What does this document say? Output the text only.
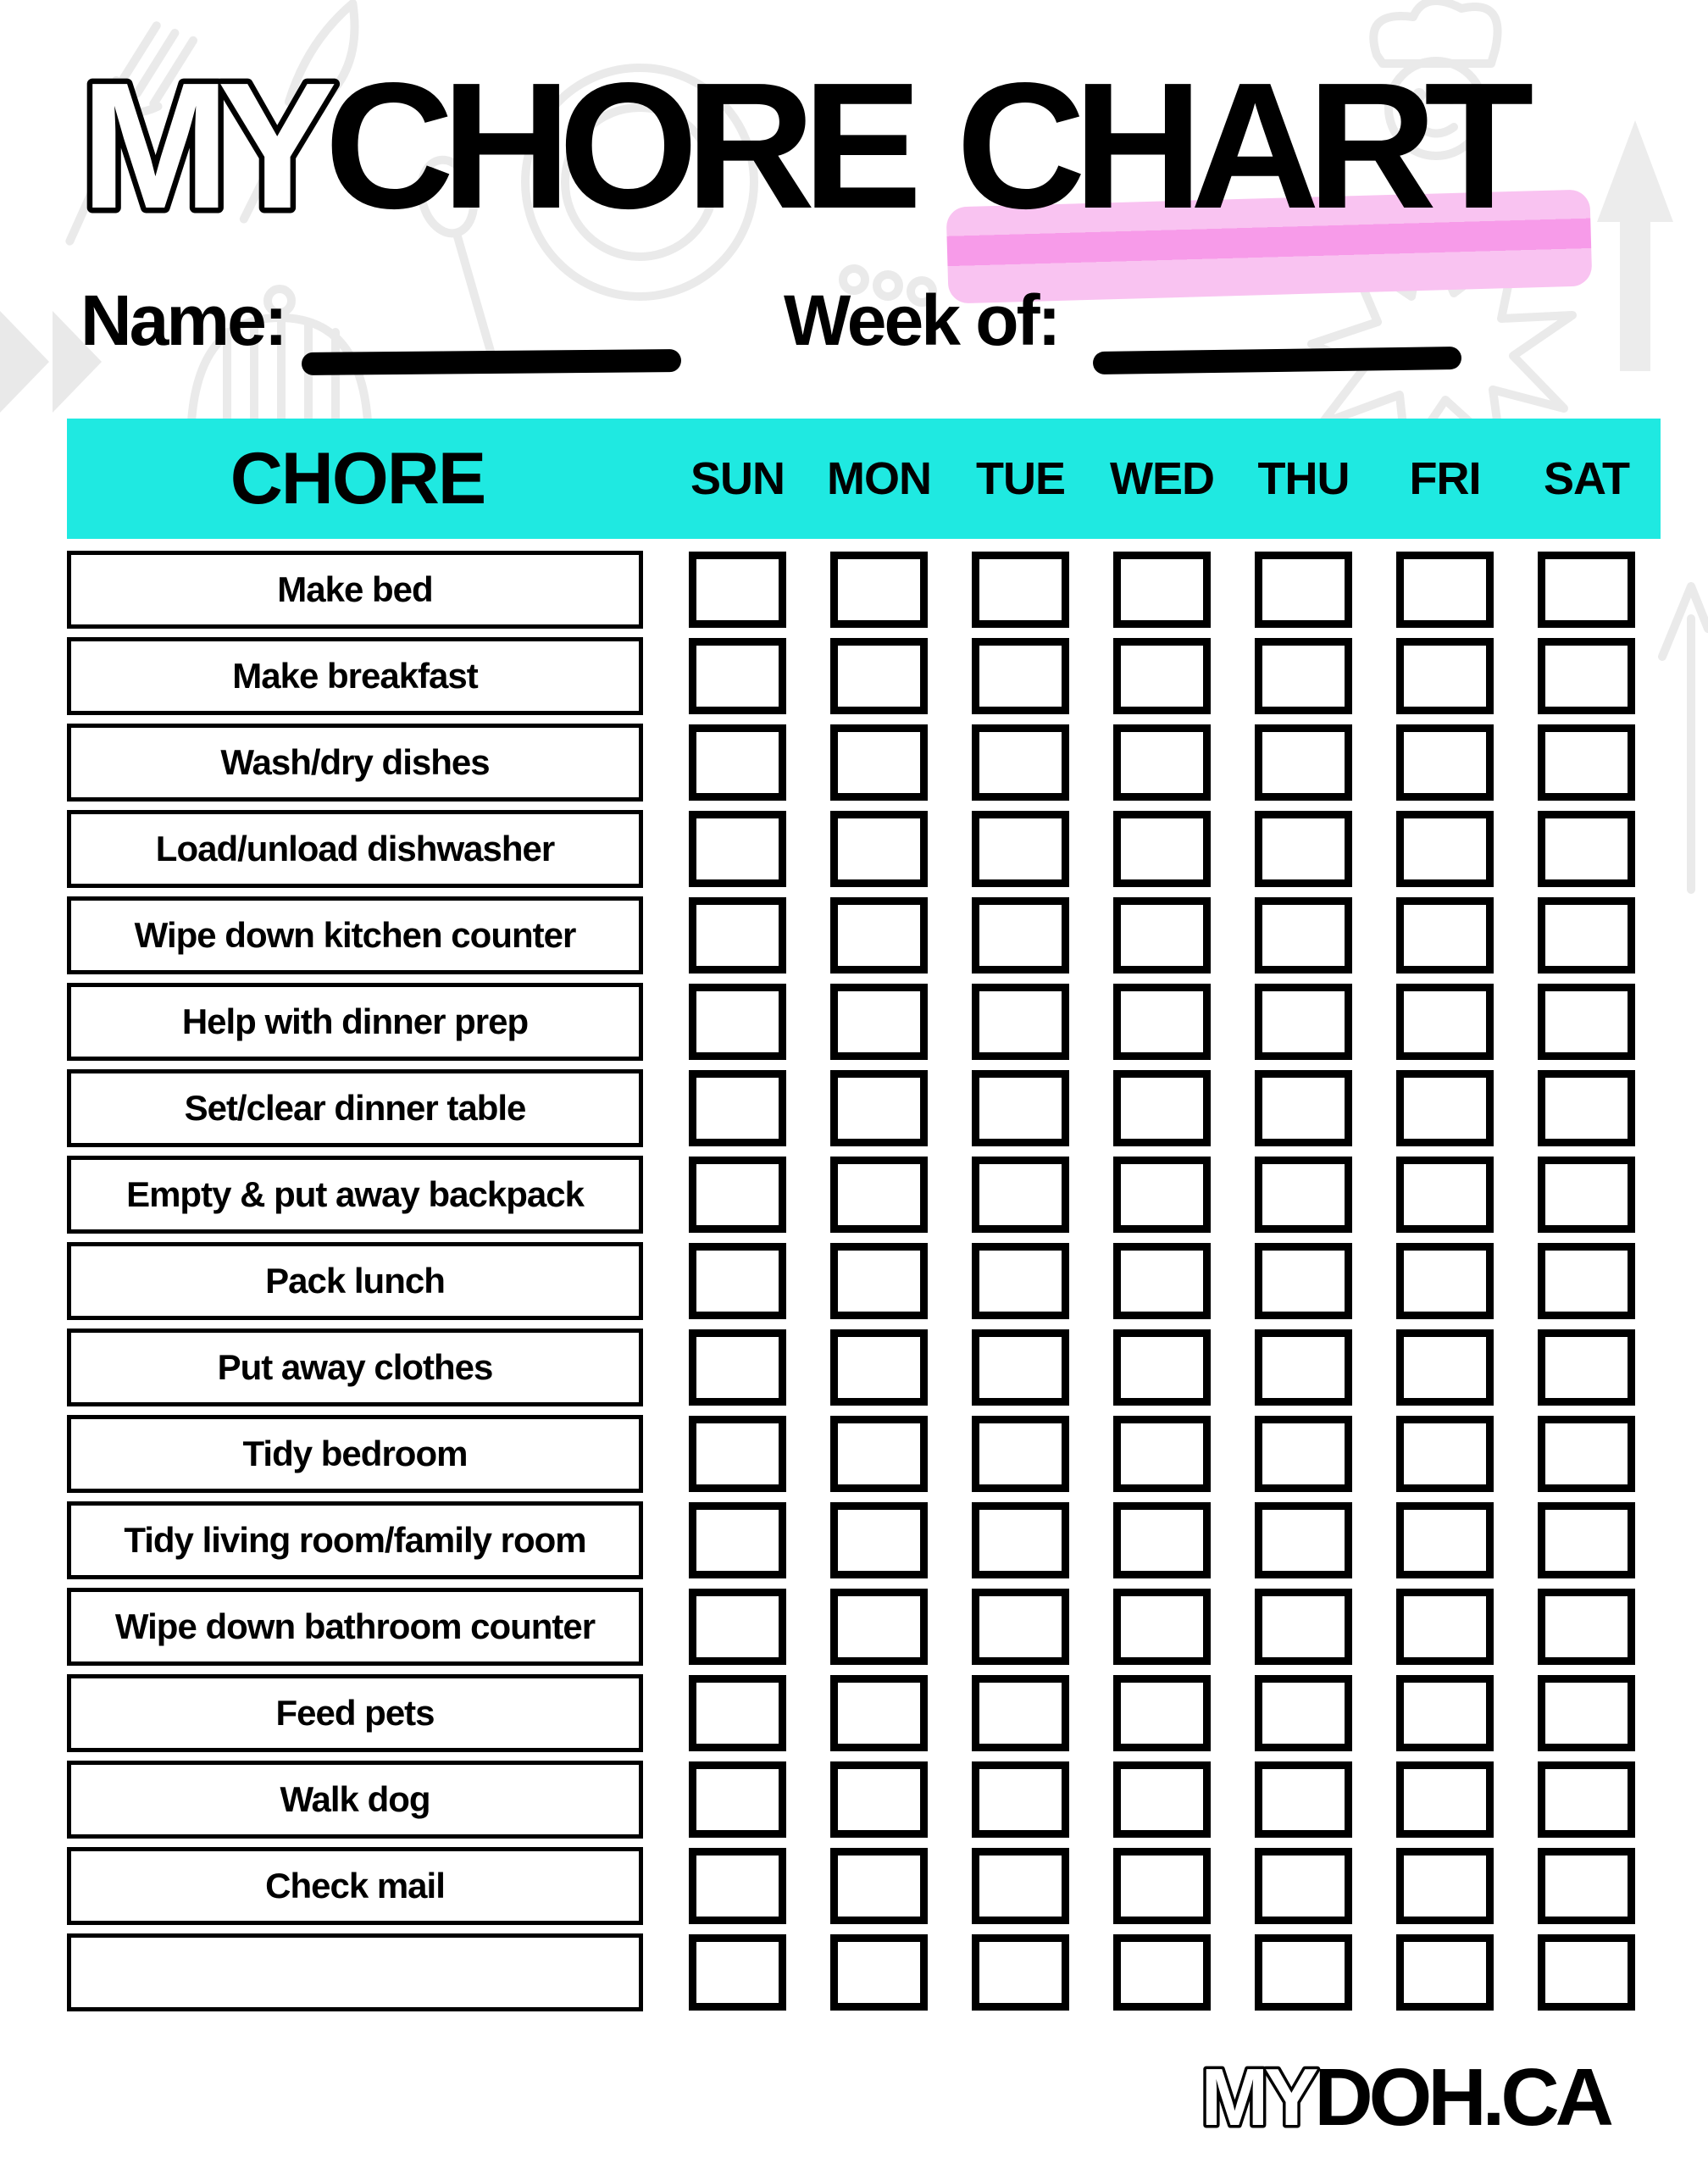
MYCHORE CHART
Name:	Week of:
CHORE	SUN MON TUE WED THU	FRI	SAT
Make bed
Make breakfast
Wash/dry dishes
Load/unload dishwasher
Wipe down kitchen counter
Help with dinner prep
Set/clear dinner table
Empty & put away backpack
Pack lunch
Put away clothes
Tidy bedroom
Tidy living room/family room
Wipe down bathroom counter
Feed pets
Walk dog
Check mail
MYDOH.CA
